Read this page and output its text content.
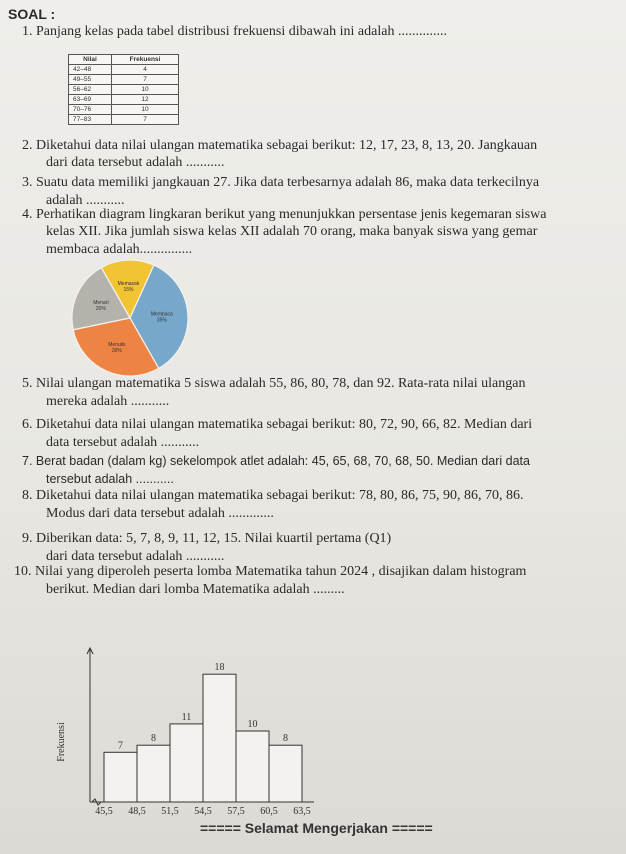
SOAL :
1. Panjang kelas pada tabel distribusi frekuensi dibawah ini adalah ..............
Nilai	Frekuensi
42–48	4
49–55	7
56–62	10
63–69	12
70–76	10
77–83	7
2. Diketahui data nilai ulangan matematika sebagai berikut: 12, 17, 23, 8, 13, 20. Jangkauan
dari data tersebut adalah ...........
3. Suatu data memiliki jangkauan 27. Jika data terbesarnya adalah 86, maka data terkecilnya
adalah ...........
4. Perhatikan diagram lingkaran berikut yang menunjukkan persentase jenis kegemaran siswa
kelas XII. Jika jumlah siswa kelas XII adalah 70 orang, maka banyak siswa yang gemar
membaca adalah...............
Memasak
15%
Membaca
35%
Menulis
30%
Menari
20%
5. Nilai ulangan matematika 5 siswa adalah 55, 86, 80, 78, dan 92. Rata-rata nilai ulangan
mereka adalah ...........
6. Diketahui data nilai ulangan matematika sebagai berikut: 80, 72, 90, 66, 82. Median dari
data tersebut adalah ...........
7. Berat badan (dalam kg) sekelompok atlet adalah: 45, 65, 68, 70, 68, 50. Median dari data
tersebut adalah ...........
8. Diketahui data nilai ulangan matematika sebagai berikut: 78, 80, 86, 75, 90, 86, 70, 86.
Modus dari data tersebut adalah .............
9. Diberikan data: 5, 7, 8, 9, 11, 12, 15. Nilai kuartil pertama (Q1)
dari data tersebut adalah ...........
10. Nilai yang diperoleh peserta lomba Matematika tahun 2024 , disajikan dalam histogram
berikut. Median dari lomba Matematika adalah .........
7
8
11
18
10
8
45,5 48,5 51,5 54,5 57,5 60,5 63,5
Frekuensi
===== Selamat Mengerjakan =====
